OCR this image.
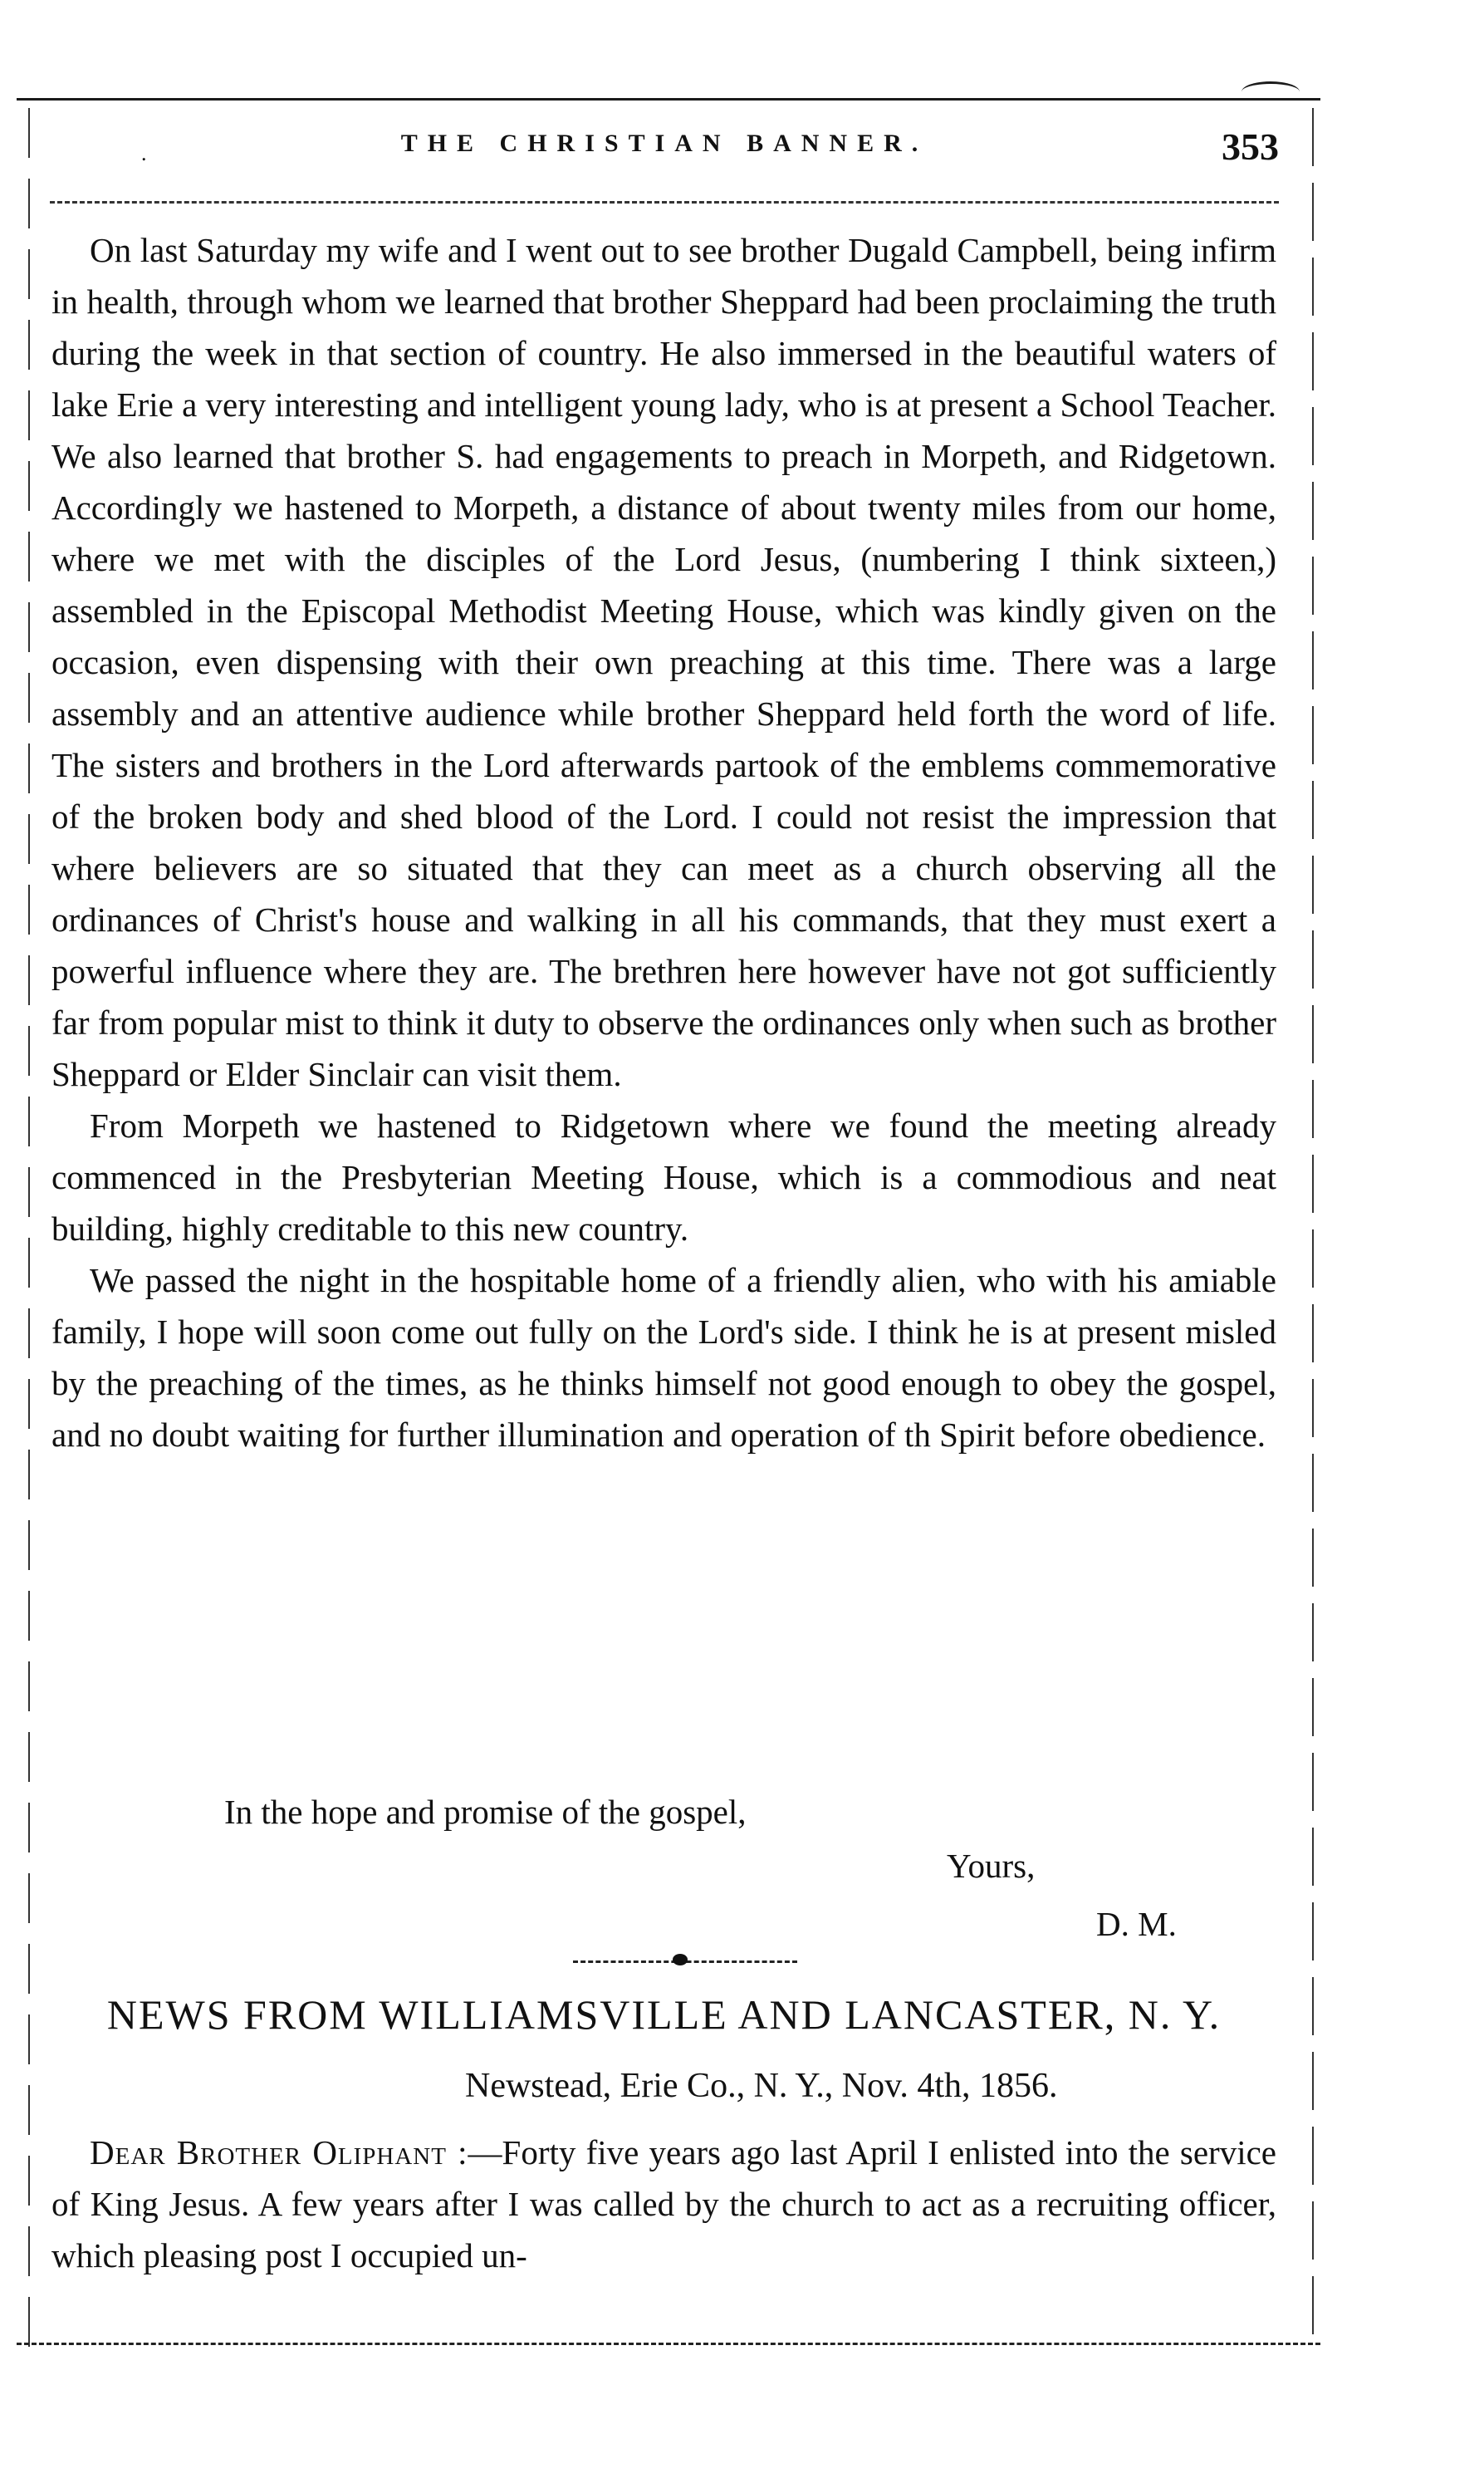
.	THE CHRISTIAN BANNER.	353

On last Saturday my wife and I went out to see brother Dugald Campbell, being infirm in health, through whom we learned that brother Sheppard had been proclaiming the truth during the week in that section of country. He also immersed in the beautiful waters of lake Erie a very interesting and intelligent young lady, who is at present a School Teacher. We also learned that brother S. had engagements to preach in Morpeth, and Ridgetown. Accordingly we hastened to Morpeth, a distance of about twenty miles from our home, where we met with the disciples of the Lord Jesus, (numbering I think sixteen,) assembled in the Episcopal Methodist Meeting House, which was kindly given on the occasion, even dispensing with their own preaching at this time. There was a large assembly and an attentive audience while brother Sheppard held forth the word of life. The sisters and brothers in the Lord afterwards partook of the emblems commemorative of the broken body and shed blood of the Lord. I could not resist the impression that where believers are so situated that they can meet as a church observing all the ordinances of Christ's house and walking in all his commands, that they must exert a powerful influence where they are. The brethren here however have not got sufficiently far from popular mist to think it duty to observe the ordinances only when such as brother Sheppard or Elder Sinclair can visit them.

From Morpeth we hastened to Ridgetown where we found the meeting already commenced in the Presbyterian Meeting House, which is a commodious and neat building, highly creditable to this new country.

We passed the night in the hospitable home of a friendly alien, who with his amiable family, I hope will soon come out fully on the Lord's side. I think he is at present misled by the preaching of the times, as he thinks himself not good enough to obey the gospel, and no doubt waiting for further illumination and operation of th Spirit before obedience.

In the hope and promise of the gospel,
Yours,
D. M.
NEWS FROM WILLIAMSVILLE AND LANCASTER, N. Y.
Newstead, Erie Co., N. Y., Nov. 4th, 1856.

Dear Brother Oliphant :—Forty five years ago last April I enlisted into the service of King Jesus. A few years after I was called by the church to act as a recruiting officer, which pleasing post I occupied un-
